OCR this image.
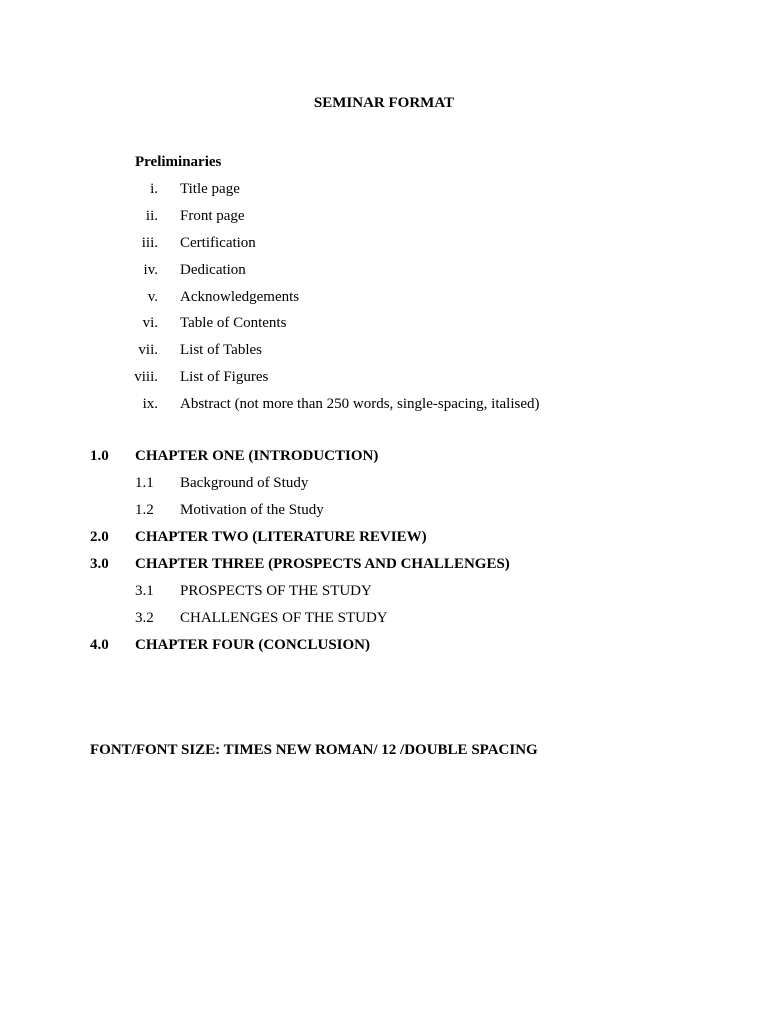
SEMINAR FORMAT
Preliminaries
i. Title page
ii. Front page
iii. Certification
iv. Dedication
v. Acknowledgements
vi. Table of Contents
vii. List of Tables
viii. List of Figures
ix. Abstract (not more than 250 words, single-spacing, italised)
1.0 CHAPTER ONE (INTRODUCTION)
1.1 Background of Study
1.2 Motivation of the Study
2.0 CHAPTER TWO (LITERATURE REVIEW)
3.0 CHAPTER THREE (PROSPECTS AND CHALLENGES)
3.1 PROSPECTS OF THE STUDY
3.2 CHALLENGES OF THE STUDY
4.0 CHAPTER FOUR (CONCLUSION)
FONT/FONT SIZE: TIMES NEW ROMAN/ 12 /DOUBLE SPACING
